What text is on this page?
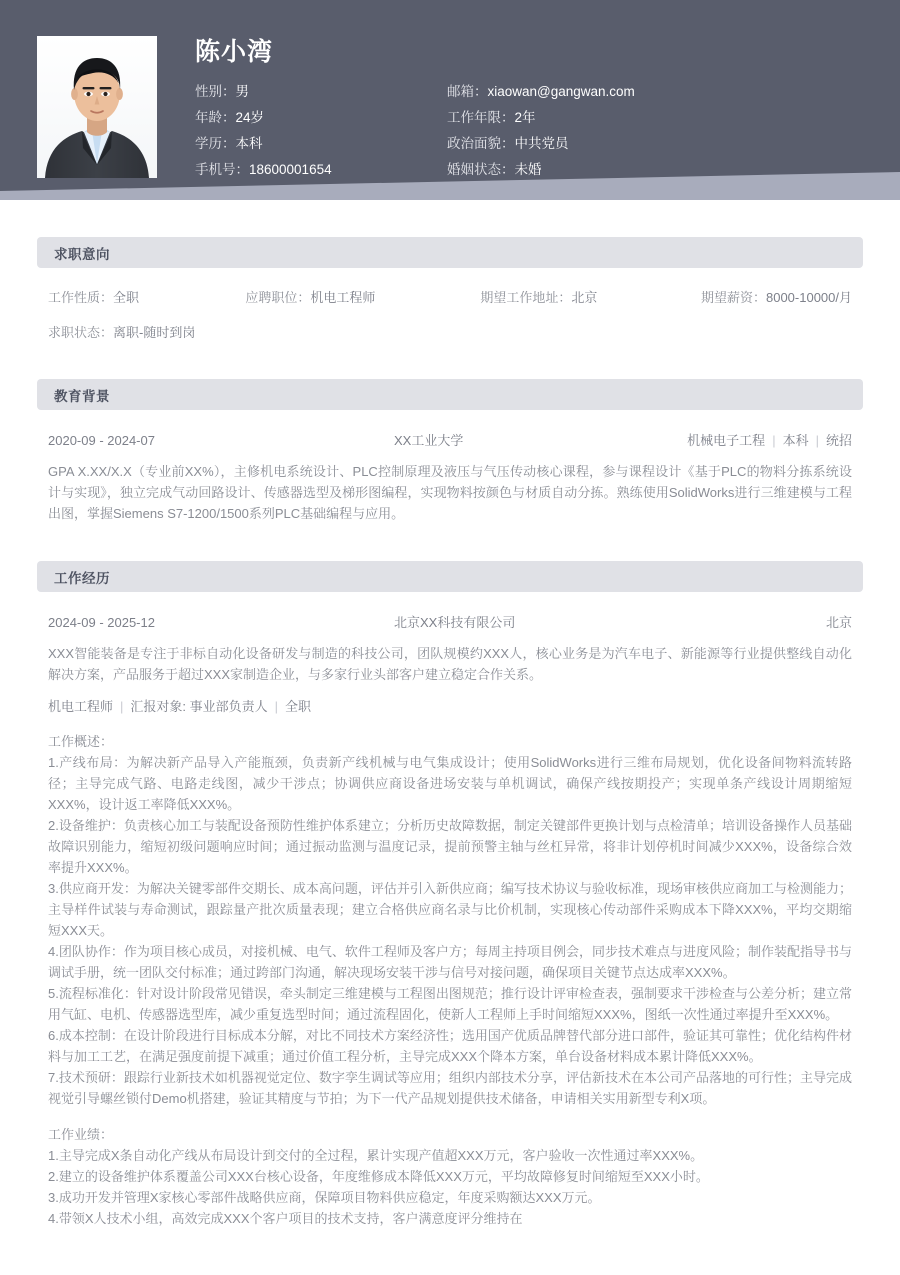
陈小湾
性别：男	邮箱：xiaowan@gangwan.com
年龄：24岁	工作年限：2年
学历：本科	政治面貌：中共党员
手机号：18600001654	婚姻状态：未婚
求职意向
工作性质：全职	应聘职位：机电工程师	期望工作地址：北京	期望薪资：8000-10000/月
求职状态：离职-随时到岗
教育背景
2020-09 - 2024-07	XX工业大学	机械电子工程 | 本科 | 统招
GPA X.XX/X.X（专业前XX%），主修机电系统设计、PLC控制原理及液压与气压传动核心课程，参与课程设计《基于PLC的物料分拣系统设计与实现》，独立完成气动回路设计、传感器选型及梯形图编程，实现物料按颜色与材质自动分拣。熟练使用SolidWorks进行三维建模与工程出图，掌握Siemens S7-1200/1500系列PLC基础编程与应用。
工作经历
2024-09 - 2025-12	北京XX科技有限公司	北京
XXX智能装备是专注于非标自动化设备研发与制造的科技公司，团队规模约XXX人，核心业务是为汽车电子、新能源等行业提供整线自动化解决方案，产品服务于超过XXX家制造企业，与多家行业头部客户建立稳定合作关系。
机电工程师 | 汇报对象: 事业部负责人 | 全职
工作概述：
1.产线布局：为解决新产品导入产能瓶颈，负责新产线机械与电气集成设计；使用SolidWorks进行三维布局规划，优化设备间物料流转路径；主导完成气路、电路走线图，减少干涉点；协调供应商设备进场安装与单机调试，确保产线按期投产；实现单条产线设计周期缩短XXX%，设计返工率降低XXX%。
2.设备维护：负责核心加工与装配设备预防性维护体系建立；分析历史故障数据，制定关键部件更换计划与点检清单；培训设备操作人员基础故障识别能力，缩短初级问题响应时间；通过振动监测与温度记录，提前预警主轴与丝杠异常，将非计划停机时间减少XXX%，设备综合效率提升XXX%。
3.供应商开发：为解决关键零部件交期长、成本高问题，评估并引入新供应商；编写技术协议与验收标准，现场审核供应商加工与检测能力；主导样件试装与寿命测试，跟踪量产批次质量表现；建立合格供应商名录与比价机制，实现核心传动部件采购成本下降XXX%，平均交期缩短XXX天。
4.团队协作：作为项目核心成员，对接机械、电气、软件工程师及客户方；每周主持项目例会，同步技术难点与进度风险；制作装配指导书与调试手册，统一团队交付标准；通过跨部门沟通，解决现场安装干涉与信号对接问题，确保项目关键节点达成率XXX%。
5.流程标准化：针对设计阶段常见错误，牵头制定三维建模与工程图出图规范；推行设计评审检查表，强制要求干涉检查与公差分析；建立常用气缸、电机、传感器选型库，减少重复选型时间；通过流程固化，使新人工程师上手时间缩短XXX%，图纸一次性通过率提升至XXX%。
6.成本控制：在设计阶段进行目标成本分解，对比不同技术方案经济性；选用国产优质品牌替代部分进口部件，验证其可靠性；优化结构件材料与加工工艺，在满足强度前提下减重；通过价值工程分析，主导完成XXX个降本方案，单台设备材料成本累计降低XXX%。
7.技术预研：跟踪行业新技术如机器视觉定位、数字孪生调试等应用；组织内部技术分享，评估新技术在本公司产品落地的可行性；主导完成视觉引导螺丝锁付Demo机搭建，验证其精度与节拍；为下一代产品规划提供技术储备，申请相关实用新型专利X项。
工作业绩：
1.主导完成X条自动化产线从布局设计到交付的全过程，累计实现产值超XXX万元，客户验收一次性通过率XXX%。
2.建立的设备维护体系覆盖公司XXX台核心设备，年度维修成本降低XXX万元，平均故障修复时间缩短至XXX小时。
3.成功开发并管理X家核心零部件战略供应商，保障项目物料供应稳定，年度采购额达XXX万元。
4.带领X人技术小组，高效完成XXX个客户项目的技术支持，客户满意度评分维持在
